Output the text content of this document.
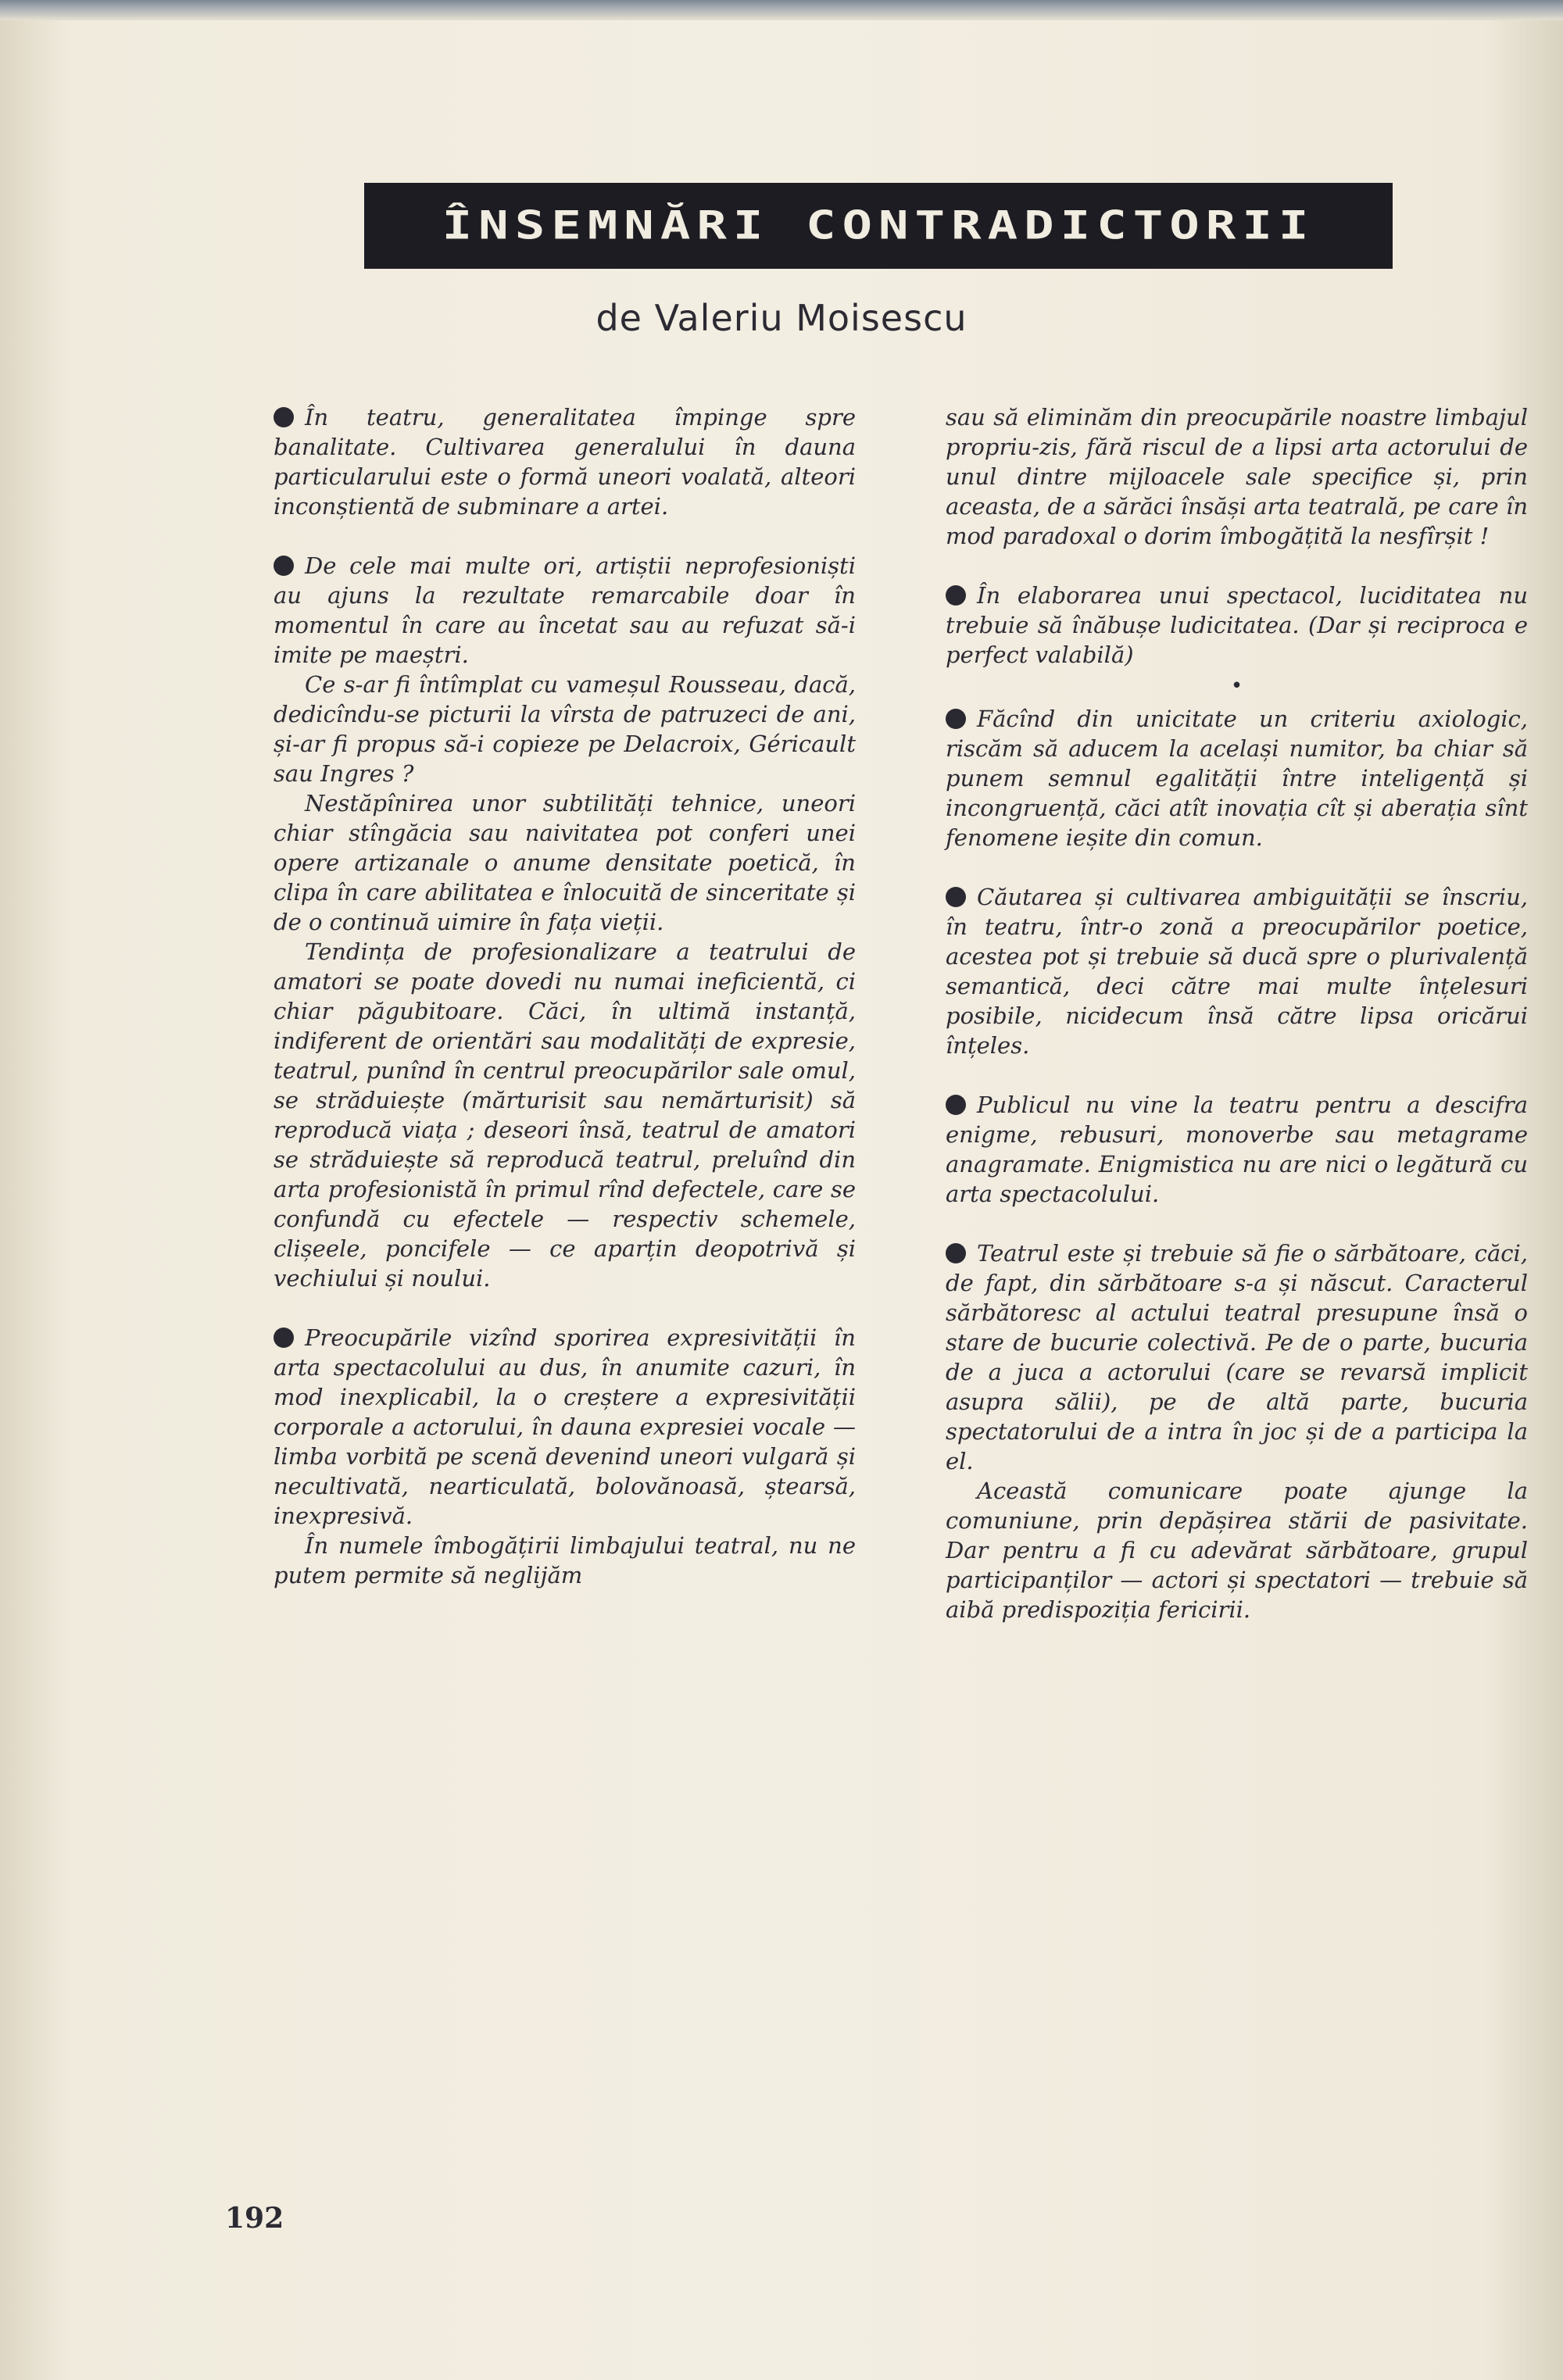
ÎNSEMNĂRI CONTRADICTORII
de Valeriu Moisescu

În teatru, generalitatea împinge spre banalitate. Cultivarea generalului în dauna particularului este o formă uneori voalată, alteori inconștientă de subminare a artei.

De cele mai multe ori, artiștii neprofesioniști au ajuns la rezultate remarcabile doar în momentul în care au încetat sau au refuzat să-i imite pe maeștri.

Ce s-ar fi întîmplat cu vameșul Rousseau, dacă, dedicîndu-se picturii la vîrsta de patruzeci de ani, și-ar fi propus să-i copieze pe Delacroix, Géricault sau Ingres ?

Nestăpînirea unor subtilități tehnice, uneori chiar stîngăcia sau naivitatea pot conferi unei opere artizanale o anume densitate poetică, în clipa în care abilitatea e înlocuită de sinceritate și de o continuă uimire în fața vieții.

Tendința de profesionalizare a teatrului de amatori se poate dovedi nu numai ineficientă, ci chiar păgubitoare. Căci, în ultimă instanță, indiferent de orientări sau modalități de expresie, teatrul, punînd în centrul preocupărilor sale omul, se străduiește (mărturisit sau nemărturisit) să reproducă viața ; deseori însă, teatrul de amatori se străduiește să reproducă teatrul, preluînd din arta profesionistă în primul rînd defectele, care se confundă cu efectele — respectiv schemele, clișeele, poncifele — ce aparțin deopotrivă și vechiului și noului.

Preocupările vizînd sporirea expresivității în arta spectacolului au dus, în anumite cazuri, în mod inexplicabil, la o creștere a expresivității corporale a actorului, în dauna expresiei vocale — limba vorbită pe scenă devenind uneori vulgară și necultivată, nearticulată, bolovănoasă, ștearsă, inexpresivă.

În numele îmbogățirii limbajului teatral, nu ne putem permite să neglijăm

sau să eliminăm din preocupările noastre limbajul propriu-zis, fără riscul de a lipsi arta actorului de unul dintre mijloacele sale specifice și, prin aceasta, de a sărăci însăși arta teatrală, pe care în mod paradoxal o dorim îmbogățită la nesfîrșit !

În elaborarea unui spectacol, luciditatea nu trebuie să înăbușe ludicitatea. (Dar și reciproca e perfect valabilă)

•

Făcînd din unicitate un criteriu axiologic, riscăm să aducem la același numitor, ba chiar să punem semnul egalității între inteligență și incongruență, căci atît inovația cît și aberația sînt fenomene ieșite din comun.

Căutarea și cultivarea ambiguității se înscriu, în teatru, într-o zonă a preocupărilor poetice, acestea pot și trebuie să ducă spre o plurivalență semantică, deci către mai multe înțelesuri posibile, nicidecum însă către lipsa oricărui înțeles.

Publicul nu vine la teatru pentru a descifra enigme, rebusuri, monoverbe sau metagrame anagramate. Enigmistica nu are nici o legătură cu arta spectacolului.

Teatrul este și trebuie să fie o sărbătoare, căci, de fapt, din sărbătoare s-a și născut. Caracterul sărbătoresc al actului teatral presupune însă o stare de bucurie colectivă. Pe de o parte, bucuria de a juca a actorului (care se revarsă implicit asupra sălii), pe de altă parte, bucuria spectatorului de a intra în joc și de a participa la el.

Această comunicare poate ajunge la comuniune, prin depășirea stării de pasivitate. Dar pentru a fi cu adevărat sărbătoare, grupul participanților — actori și spectatori — trebuie să aibă predispoziția fericirii.

192
